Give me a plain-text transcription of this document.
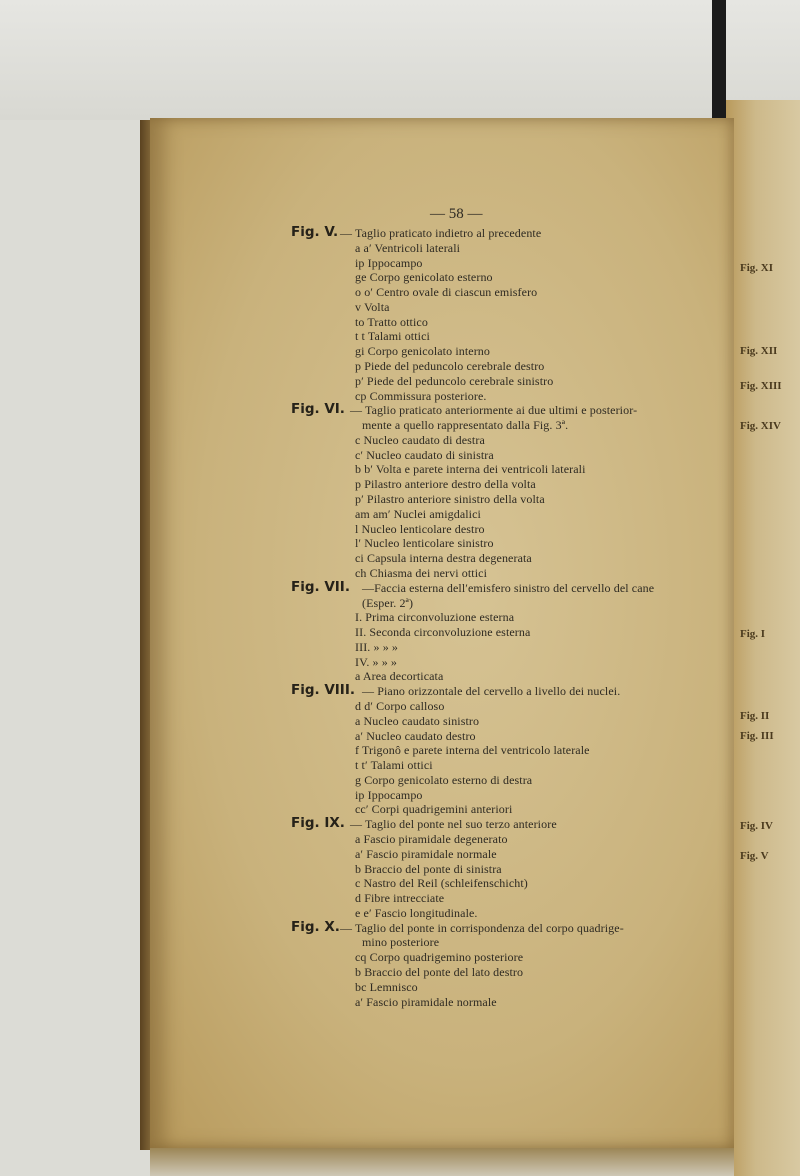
— 58 —
Fig. V. — Taglio praticato indietro al precedente
a a′ Ventricoli laterali
ip Ippocampo
ge Corpo genicolato esterno
o o′ Centro ovale di ciascun emisfero
v Volta
to Tratto ottico
t t Talami ottici
gi Corpo genicolato interno
p Piede del peduncolo cerebrale destro
p′ Piede del peduncolo cerebrale sinistro
cp Commissura posteriore.
Fig. VI. — Taglio praticato anteriormente ai due ultimi e posterior-
mente a quello rappresentato dalla Fig. 3ª.
c Nucleo caudato di destra
c′ Nucleo caudato di sinistra
b b′ Volta e parete interna dei ventricoli laterali
p Pilastro anteriore destro della volta
p′ Pilastro anteriore sinistro della volta
am am′ Nuclei amigdalici
l Nucleo lenticolare destro
l′ Nucleo lenticolare sinistro
ci Capsula interna destra degenerata
ch Chiasma dei nervi ottici
Fig. VII. —Faccia esterna dell′emisfero sinistro del cervello del cane
(Esper. 2ª)
I. Prima circonvoluzione esterna
II. Seconda circonvoluzione esterna
III. » » »
IV. » » »
a Area decorticata
Fig. VIII. — Piano orizzontale del cervello a livello dei nuclei.
d d′ Corpo calloso
a Nucleo caudato sinistro
a′ Nucleo caudato destro
f Trigonô e parete interna del ventricolo laterale
t t′ Talami ottici
g Corpo genicolato esterno di destra
ip Ippocampo
cc′ Corpi quadrigemini anteriori
Fig. IX. — Taglio del ponte nel suo terzo anteriore
a Fascio piramidale degenerato
a′ Fascio piramidale normale
b Braccio del ponte di sinistra
c Nastro del Reil (schleifenschicht)
d Fibre intrecciate
e e′ Fascio longitudinale.
Fig. X. — Taglio del ponte in corrispondenza del corpo quadrige-
mino posteriore
cq Corpo quadrigemino posteriore
b Braccio del ponte del lato destro
bc Lemnisco
a′ Fascio piramidale normale
Fig. XI
Fig. XII
Fig. XIII
Fig. XIV
Fig. I
Fig. II
Fig. III
Fig. IV
Fig. V
